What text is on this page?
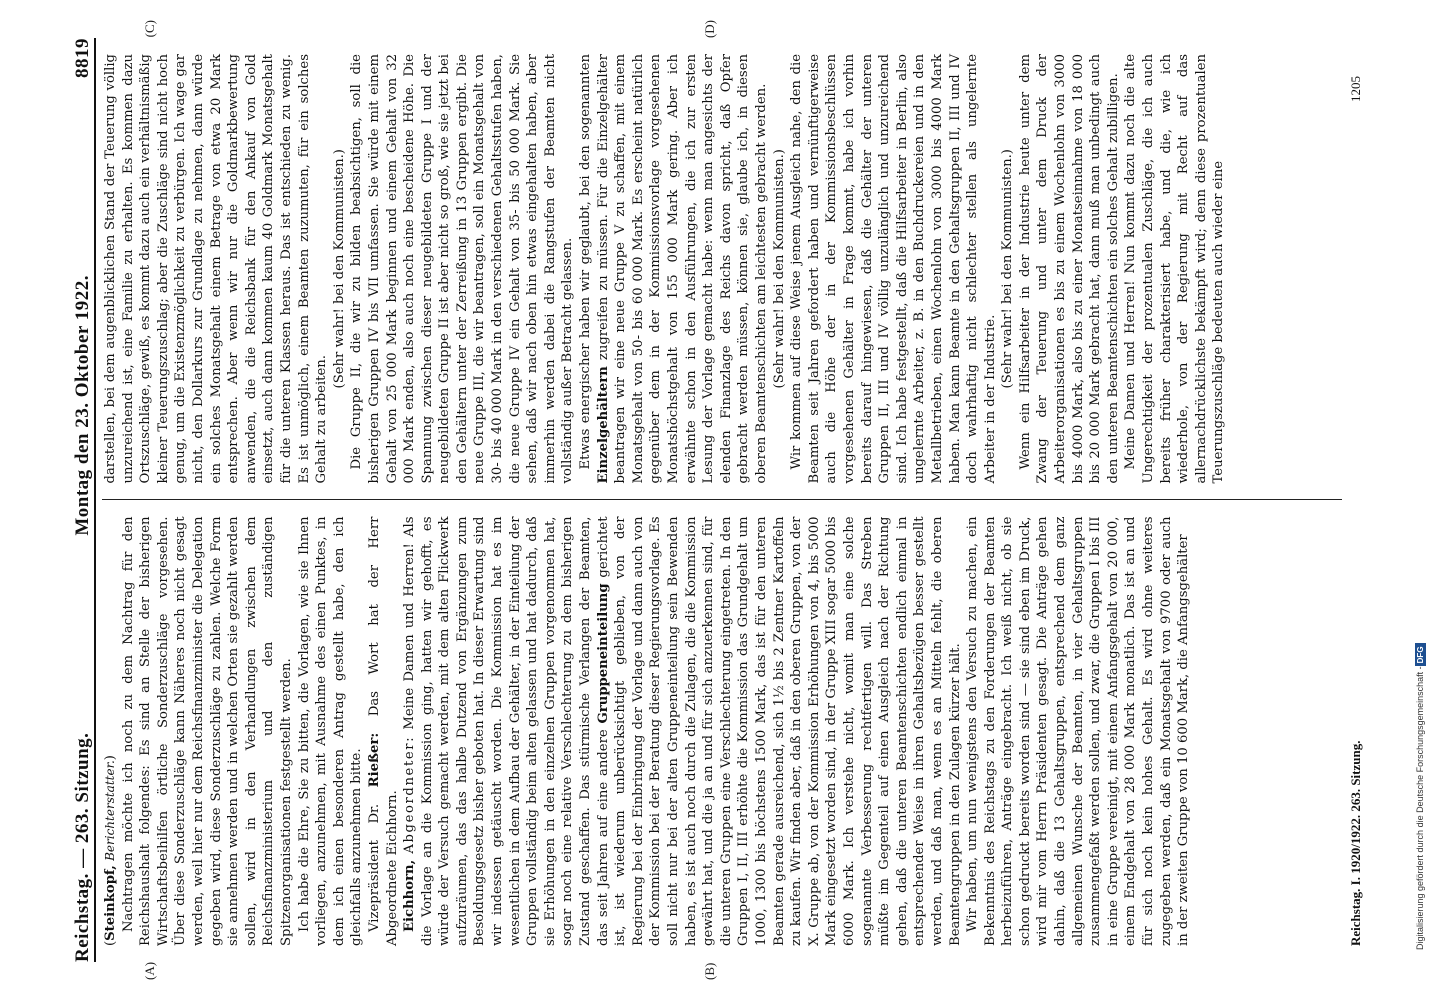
Reichstag. — 263. Sitzung.
Montag den 23. Oktober 1922.
8819
(A)	(B)
(C)	(D)

(Steinkopf, Berichterstatter.) Nachtragen möchte ich noch zu dem Nachtrag für den Reichshaushalt folgendes: Es sind an Stelle der bisherigen Wirtschaftsbeihilfen örtliche Sonderzuschläge vorgesehen. Über diese Sonderzuschläge kann Näheres noch nicht gesagt werden, weil hier nur dem Reichsfinanzminister die Delegation gegeben wird, diese Sonderzuschläge zu zahlen. Welche Form sie annehmen werden und in welchen Orten sie gezahlt werden sollen, wird in den Verhandlungen zwischen dem Reichsfinanzministerium und den zuständigen Spitzenorganisationen festgestellt werden. Ich habe die Ehre, Sie zu bitten, die Vorlagen, wie sie Ihnen vorliegen, anzunehmen, mit Ausnahme des einen Punktes, in dem ich einen besonderen Antrag gestellt habe, den ich gleichfalls anzunehmen bitte. Vizepräsident Dr. Rießer: Das Wort hat der Herr Abgeordnete Eichhorn. Eichhorn, Abgeordneter: Meine Damen und Herren! Als die Vorlage an die Kommission ging, hatten wir gehofft, es würde der Versuch gemacht werden, mit dem alten Flickwerk aufzuräumen, das das halbe Dutzend von Ergänzungen zum Besoldungsgesetz bisher geboten hat. In dieser Erwartung sind wir indessen getäuscht worden. Die Kommission hat es im wesentlichen in dem Aufbau der Gehälter, in der Einteilung der Gruppen vollständig beim alten gelassen und hat dadurch, daß sie Erhöhungen in den einzelnen Gruppen vorgenommen hat, sogar noch eine relative Verschlechterung zu dem bisherigen Zustand geschaffen. Das stürmische Verlangen der Beamten, das seit Jahren auf eine andere Gruppeneinteilung gerichtet ist, ist wiederum unberücksichtigt geblieben, von der Regierung bei der Einbringung der Vorlage und dann auch von der Kommission bei der Beratung dieser Regierungsvorlage. Es soll nicht nur bei der alten Gruppeneinteilung sein Bewenden haben, es ist auch noch durch die Zulagen, die die Kommission gewährt hat, und die ja an und für sich anzuerkennen sind, für die unteren Gruppen eine Verschlechterung eingetreten. In den Gruppen I, II, III erhöhte die Kommission das Grundgehalt um 1000, 1300 bis höchstens 1500 Mark, das ist für den unteren Beamten gerade ausreichend, sich 1½ bis 2 Zentner Kartoffeln zu kaufen. Wir finden aber, daß in den oberen Gruppen, von der X. Gruppe ab, von der Kommission Erhöhungen von 4, bis 5000 Mark eingesetzt worden sind, in der Gruppe XIII sogar 5000 bis 6000 Mark. Ich verstehe nicht, womit man eine solche sogenannte Verbesserung rechtfertigen will. Das Streben müßte im Gegenteil auf einen Ausgleich nach der Richtung gehen, daß die unteren Beamtenschichten endlich einmal in entsprechender Weise in ihren Gehaltsbezügen besser gestellt werden, und daß man, wenn es an Mitteln fehlt, die oberen Beamtengruppen in den Zulagen kürzer hält. Wir haben, um nun wenigstens den Versuch zu machen, ein Bekenntnis des Reichstags zu den Forderungen der Beamten herbeizuführen, Anträge eingebracht. Ich weiß nicht, ob sie schon gedruckt bereits worden sind — sie sind eben im Druck, wird mir vom Herrn Präsidenten gesagt. Die Anträge gehen dahin, daß die 13 Gehaltsgruppen, entsprechend dem ganz allgemeinen Wunsche der Beamten, in vier Gehaltsgruppen zusammengefaßt werden sollen, und zwar, die Gruppen I bis III in eine Gruppe vereinigt, mit einem Anfangsgehalt von 20 000, einem Endgehalt von 28 000 Mark monatlich. Das ist an und für sich noch kein hohes Gehalt. Es wird ohne weiteres zugegeben werden, daß ein Monatsgehalt von 9700 oder auch in der zweiten Gruppe von 10 600 Mark, die Anfangsgehälter

darstellen, bei dem augenblicklichen Stand der Teuerung völlig unzureichend ist, eine Familie zu erhalten. Es kommen dazu Ortszuschläge, gewiß, es kommt dazu auch ein verhältnismäßig kleiner Teuerungszuschlag; aber die Zuschläge sind nicht hoch genug, um die Existenzmöglichkeit zu verbürgen. Ich wage gar nicht, den Dollarkurs zur Grundlage zu nehmen, dann würde ein solches Monatsgehalt einem Betrage von etwa 20 Mark entsprechen. Aber wenn wir nur die Goldmarkbewertung anwenden, die die Reichsbank für den Ankauf von Gold einsetzt, auch dann kommen kaum 40 Goldmark Monatsgehalt für die unteren Klassen heraus. Das ist entschieden zu wenig. Es ist unmöglich, einem Beamten zuzumuten, für ein solches Gehalt zu arbeiten.

(Sehr wahr! bei den Kommunisten.) Die Gruppe II, die wir zu bilden beabsichtigen, soll die bisherigen Gruppen IV bis VII umfassen. Sie würde mit einem Gehalt von 25 000 Mark beginnen und einem Gehalt von 32 000 Mark enden, also auch noch eine bescheidene Höhe. Die Spannung zwischen dieser neugebildeten Gruppe I und der neugebildeten Gruppe II ist aber nicht so groß, wie sie jetzt bei den Gehältern unter der Zerreißung in 13 Gruppen ergibt. Die neue Gruppe III, die wir beantragen, soll ein Monatsgehalt von 30- bis 40 000 Mark in den verschiedenen Gehaltsstufen haben, die neue Gruppe IV ein Gehalt von 35- bis 50 000 Mark. Sie sehen, daß wir nach oben hin etwas eingehalten haben, aber immerhin werden dabei die Rangstufen der Beamten nicht vollständig außer Betracht gelassen. Etwas energischer haben wir geglaubt, bei den sogenannten Einzelgehältern zugreifen zu müssen. Für die Einzelgehälter beantragen wir eine neue Gruppe V zu schaffen, mit einem Monatsgehalt von 50- bis 60 000 Mark. Es erscheint natürlich gegenüber dem in der Kommissionsvorlage vorgesehenen Monatshöchstgehalt von 155 000 Mark gering. Aber ich erwähnte schon in den Ausführungen, die ich zur ersten Lesung der Vorlage gemacht habe: wenn man angesichts der elenden Finanzlage des Reichs davon spricht, daß Opfer gebracht werden müssen, können sie, glaube ich, in diesen oberen Beamtenschichten am leichtesten gebracht werden. (Sehr wahr! bei den Kommunisten.) Wir kommen auf diese Weise jenem Ausgleich nahe, den die Beamten seit Jahren gefordert haben und vernünftigerweise auch die Höhe der in der Kommissionsbeschlüssen vorgesehenen Gehälter in Frage kommt, habe ich vorhin bereits darauf hingewiesen, daß die Gehälter der unteren Gruppen II, III und IV völlig unzulänglich und unzureichend sind. Ich habe festgestellt, daß die Hilfsarbeiter in Berlin, also ungelernte Arbeiter, z. B. in den Buchdruckereien und in den Metallbetrieben, einen Wochenlohn von 3000 bis 4000 Mark haben. Man kann Beamte in den Gehaltsgruppen II, III und IV doch wahrhaftig nicht schlechter stellen als ungelernte Arbeiter in der Industrie.

(Sehr wahr! bei den Kommunisten.) Wenn ein Hilfsarbeiter in der Industrie heute unter dem Zwang der Teuerung und unter dem Druck der Arbeiterorganisationen es bis zu einem Wochenlohn von 3000 bis 4000 Mark, also bis zu einer Monatseinnahme von 18 000 bis 20 000 Mark gebracht hat, dann muß man unbedingt auch den unteren Beamtenschichten ein solches Gehalt zubilligen. Meine Damen und Herren! Nun kommt dazu noch die alte Ungerechtigkeit der prozentualen Zuschläge, die ich auch bereits früher charakterisiert habe, und die, wie ich wiederhole, von der Regierung mit Recht auf das allernachdrücklichste bekämpft wird; denn diese prozentualen Teuerungszuschläge bedeuten auch wieder eine

Reichstag. I. 1920/1922. 263. Sitzung.
1205
Digitalisierung gefördert durch die Deutsche Forschungsgemeinschaft -
DFG
